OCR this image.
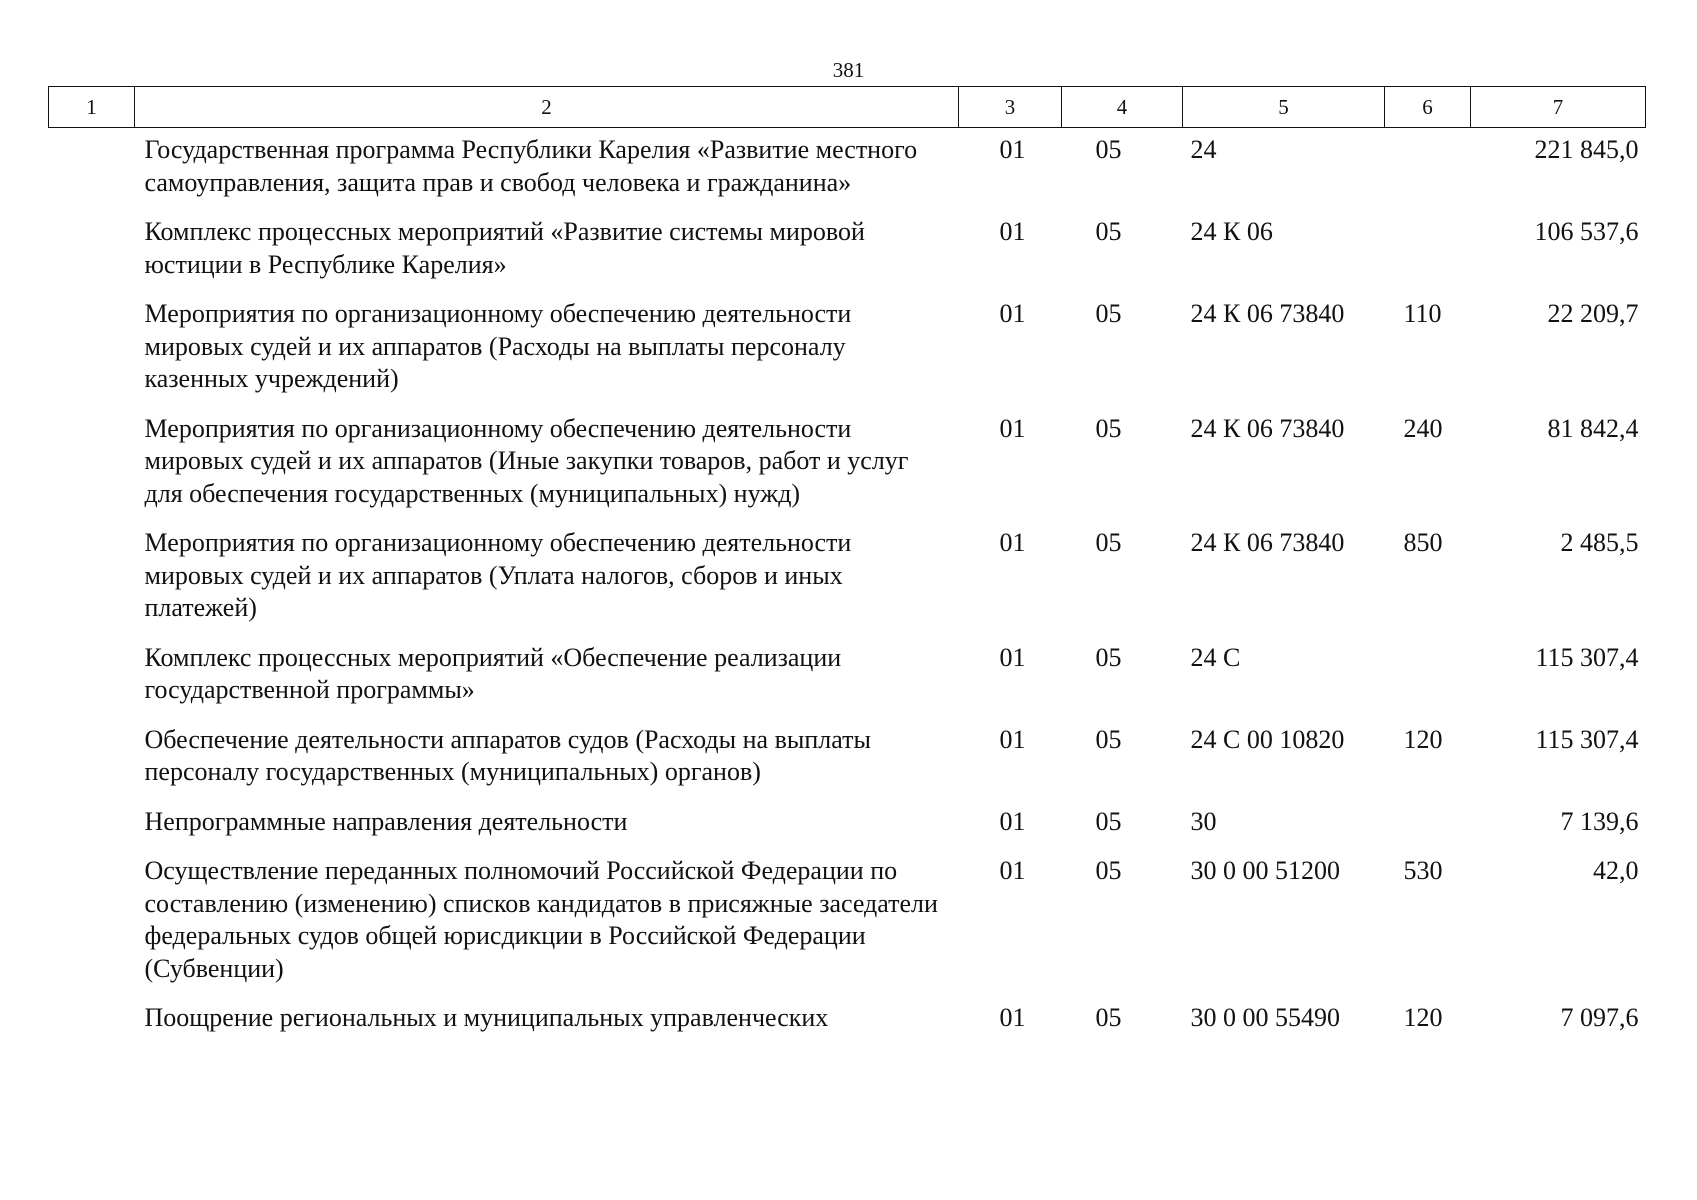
381
1	2	3	4	5	6	7
Государственная программа Республики Карелия «Развитие местного самоуправления, защита прав и свобод человека и гражданина»		01	05	24		221 845,0
Комплекс процессных мероприятий «Развитие системы мировой юстиции в Республике Карелия»		01	05	24 К 06		106 537,6
Мероприятия по организационному обеспечению деятельности мировых судей и их аппаратов (Расходы на выплаты персоналу казенных учреждений)		01	05	24 К 06 73840	110	22 209,7
Мероприятия по организационному обеспечению деятельности мировых судей и их аппаратов (Иные закупки товаров, работ и услуг для обеспечения государственных (муниципальных) нужд)		01	05	24 К 06 73840	240	81 842,4
Мероприятия по организационному обеспечению деятельности мировых судей и их аппаратов (Уплата налогов, сборов и иных платежей)		01	05	24 К 06 73840	850	2 485,5
Комплекс процессных мероприятий «Обеспечение реализации государственной программы»		01	05	24 С		115 307,4
Обеспечение деятельности аппаратов судов (Расходы на выплаты персоналу государственных (муниципальных) органов)		01	05	24 С 00 10820	120	115 307,4
Непрограммные направления деятельности		01	05	30		7 139,6
Осуществление переданных полномочий Российской Федерации по составлению (изменению) списков кандидатов в присяжные заседатели федеральных судов общей юрисдикции в Российской Федерации (Субвенции)		01	05	30 0 00 51200	530	42,0
Поощрение региональных и муниципальных управленческих		01	05	30 0 00 55490	120	7 097,6
